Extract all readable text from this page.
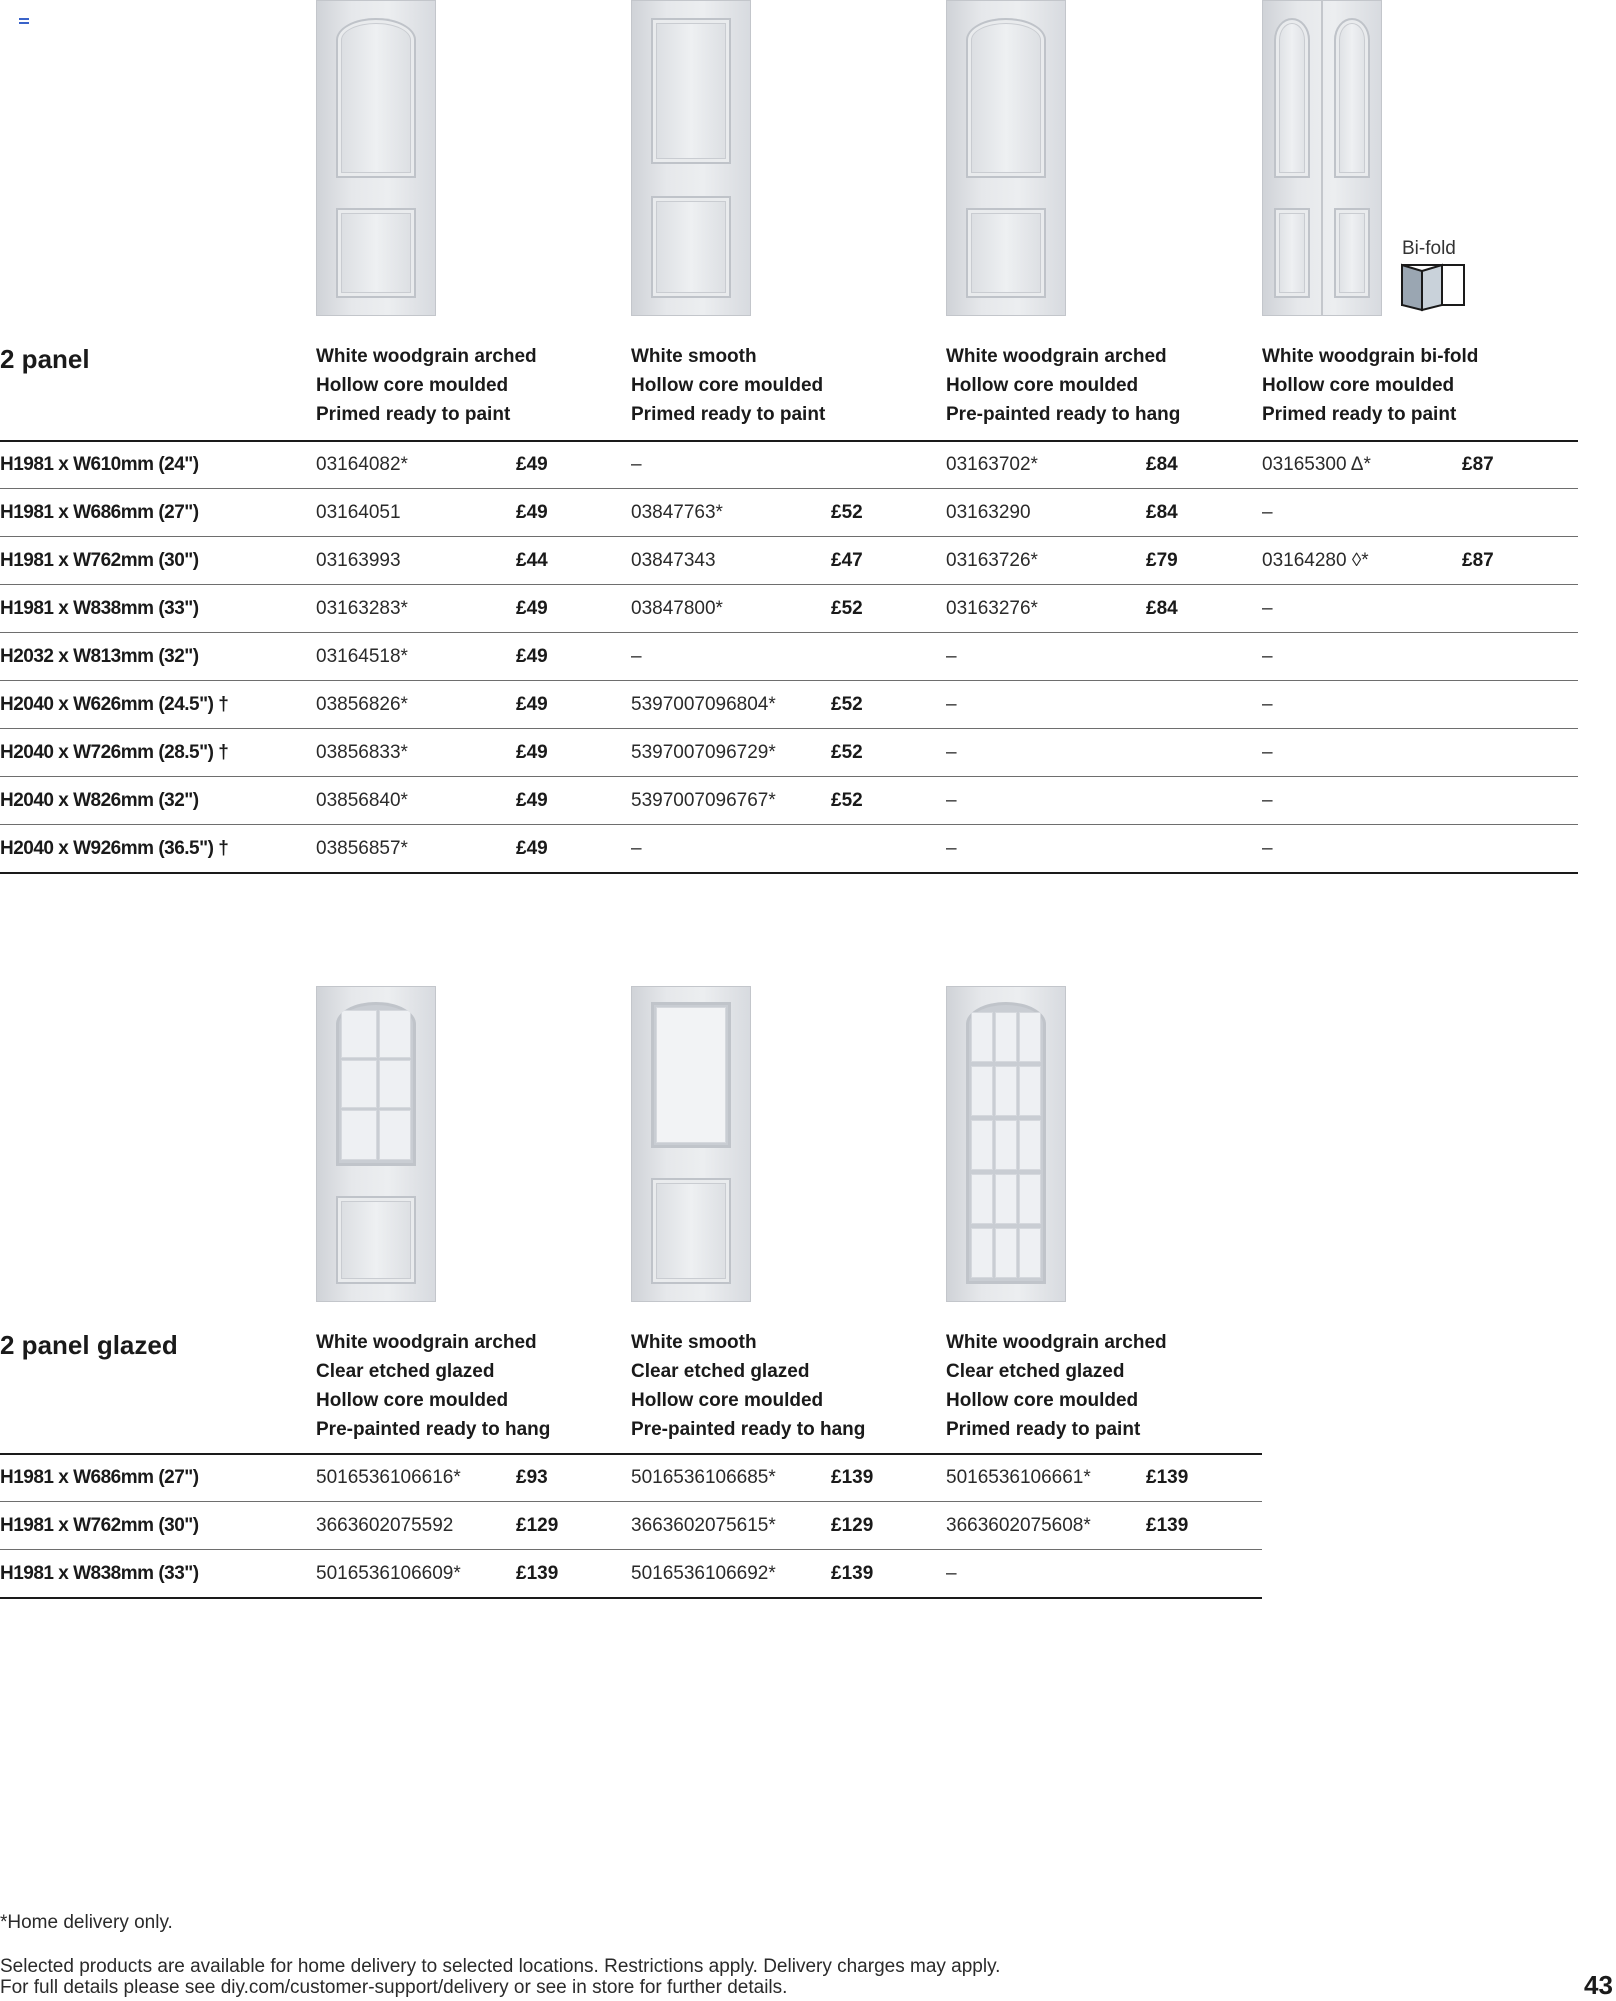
Bi-fold
2 panel	White woodgrain arched
Hollow core moulded
Primed ready to paint
White smooth
Hollow core moulded
Primed ready to paint
White woodgrain arched
Hollow core moulded
Pre-painted ready to hang
White woodgrain bi-fold
Hollow core moulded
Primed ready to paint
H1981 x W610mm (24")	03164082*	£49	–	03163702*	£84	03165300 Δ*	£87
H1981 x W686mm (27")	03164051	£49	03847763*	£52	03163290	£84	–
H1981 x W762mm (30")	03163993	£44	03847343	£47	03163726*	£79	03164280 ◊*	£87
H1981 x W838mm (33")	03163283*	£49	03847800*	£52	03163276*	£84	–
H2032 x W813mm (32")	03164518*	£49	–	–	–
H2040 x W626mm (24.5") †	03856826*	£49	5397007096804*	£52	–	–
H2040 x W726mm (28.5") †	03856833*	£49	5397007096729*	£52	–	–
H2040 x W826mm (32")	03856840*	£49	5397007096767*	£52	–	–
H2040 x W926mm (36.5") †	03856857*	£49	–	–	–
2 panel glazed	White woodgrain arched
Clear etched glazed
Hollow core moulded
Pre-painted ready to hang
White smooth
Clear etched glazed
Hollow core moulded
Pre-painted ready to hang
White woodgrain arched
Clear etched glazed
Hollow core moulded
Primed ready to paint
H1981 x W686mm (27")	5016536106616*	£93	5016536106685*	£139	5016536106661*	£139
H1981 x W762mm (30")	3663602075592	£129	3663602075615*	£129	3663602075608*	£139
H1981 x W838mm (33")	5016536106609*	£139	5016536106692*	£139	–
*Home delivery only.
Selected products are available for home delivery to selected locations. Restrictions apply. Delivery charges may apply.
For full details please see diy.com/customer-support/delivery or see in store for further details.	43
